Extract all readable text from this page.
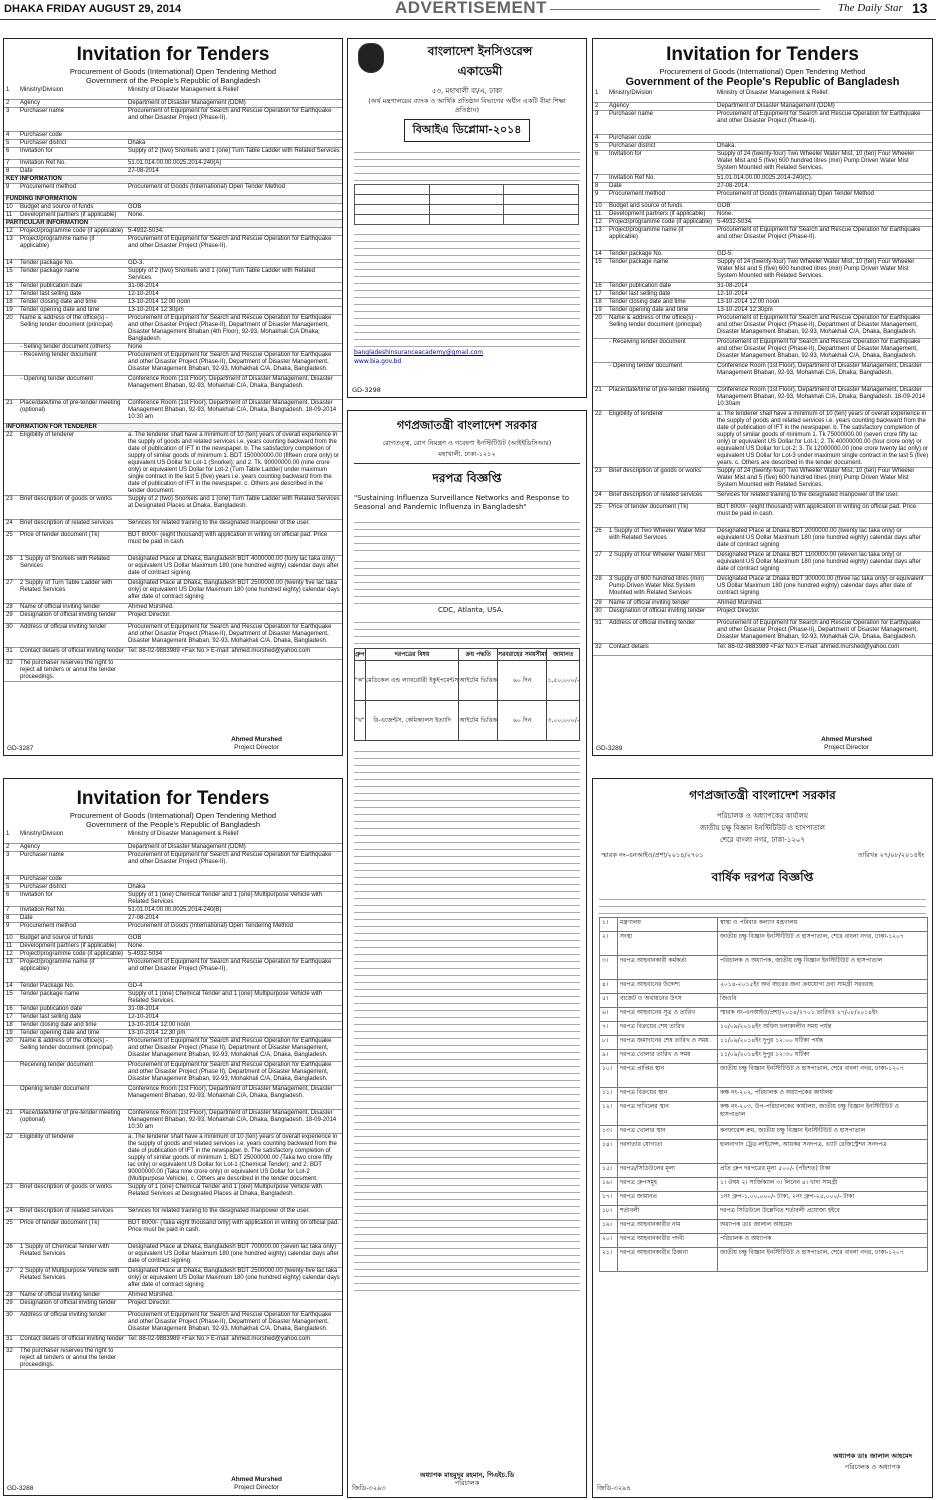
DHAKA FRIDAY AUGUST 29, 2014	ADVERTISEMENT	The Daily Star 13
Invitation for Tenders
Procurement of Goods (International) Open Tendering Method
Government of the People's Republic of Bangladesh
1	Ministry/Division	Ministry of Disaster Management & Relief
2	Agency	Department of Disaster Management (DDM)
3	Purchaser name	Procurement of Equipment for Search and Rescue Operation for Earthquake and other Disaster Project (Phase-II).
4	Purchaser code	
5	Purchaser district	Dhaka
6	Invitation for	Supply of 2 (two) Snorkels and 1 (one) Turn Table Ladder with Related Services
7	Invitation Ref No.	51.01.014.00.00.0025.2014-240(A)
8	Date	27-08-2014
KEY INFORMATION		
9	Procurement method	Procurement of Goods (International) Open Tender Method
FUNDING INFORMATION		
10	Budget and source of funds	GOB
11	Development partners (if applicable)	None.
PARTICULAR INFORMATION		
12	Project/programme code (if applicable)	5-4932-5034.
13	Project/programme name (if applicable)	Procurement of Equipment for Search and Rescue Operation for Earthquake and other Disaster Project (Phase-II).
14	Tender package No.	GD-3.
15	Tender package name	Supply of 2 (two) Snorkels and 1 (one) Turn Table Ladder with Related Services.
16	Tender publication date	31-08-2014
17	Tender last selling date	12-10-2014
18	Tender closing date and time	13-10-2014 12:00 noon
19	Tender opening date and time	13-10-2014 12:30pm
20	Name & address of the office(s) - Selling tender document (principal)	Procurement of Equipment for Search and Rescue Operation for Earthquake and other Disaster Project (Phase-II), Department of Disaster Management, Disaster Management Bhaban (4th Floor), 92-93, Mohakhali C/A Dhaka, Bangladesh.
	- Selling tender document (others)	None
	- Receiving tender document	Procurement of Equipment for Search and Rescue Operation for Earthquake and other Disaster Project (Phase-II), Department of Disaster Management, Disaster Management Bhaban, 92-93, Mohakhali C/A, Dhaka, Bangladesh.
	- Opening tender document	Conference Room (1st Floor), Department of Disaster Management, Disaster Management Bhaban, 92-93, Mohakhali C/A, Dhaka, Bangladesh.
21	Place/date/time of pre-tender meeting (optional)	Conference Room (1st Floor), Department of Disaster Management, Disaster Management Bhaban, 92-93, Mohakhali C/A, Dhaka, Bangladesh. 18-09-2014 10:30 am
INFORMATION FOR TENDERER		
22	Eligibility of tenderer	a. The tenderer shall have a minimum of 10 (ten) years of overall experience in the supply of goods and related services i.e. years counting backward from the date of publication of IFT in the newspaper. b. The satisfactory completion of supply of similar goods of minimum 1. BDT 150000000.00 (fifteen crore only) or equivalent US Dollar for Lot-1 (Snorkel); and 2. Tk. 90000000.00 (nine crore only) or equivalent US Dollar for Lot-2 (Turn Table Ladder) under maximum single contract in the last 5 (five) years i.e. years counting backward from the date of publication of IFT in the newspaper. c. Others are described in the tender document.
23	Brief description of goods or works	Supply of 2 (two) Snorkels and 1 (one) Turn Table Ladder with Related Services at Designated Places at Dhaka, Bangladesh.
24	Brief description of related services	Services for related training to the designated manpower of the user.
25	Price of tender document (Tk)	BDT 8000/- (eight thousand) with application in writing on official pad. Price must be paid in cash.
26	1 Supply of Snorkels with Related Services	Designated Place at Dhaka, Bangladesh BDT 4000000.00 (forty lac taka only) or equivalent US Dollar Maximum 180 (one hundred eighty) calendar days after date of contract signing
27	2 Supply of Turn Table Ladder with Related Services	Designated Place at Dhaka, Bangladesh BDT 2500000.00 (twenty five lac taka only) or equivalent US Dollar Maximum 180 (one hundred eighty) calendar days after date of contract signing
28	Name of official inviting tender	Ahmed Murshed.
29	Designation of official inviting tender	Project Director.
30	Address of official inviting tender	Procurement of Equipment for Search and Rescue Operation for Earthquake and other Disaster Project (Phase-II), Department of Disaster Management, Disaster Management Bhaban, 92-93, Mohakhali C/A, Dhaka, Bangladesh.
31	Contact details of official inviting tender	Tel: 88-02-9883989 <Fax No.> E-mail: ahmed.murshed@yahoo.com
32	The purchaser reserves the right to reject all tenders or annul the tender proceedings.	
GD-3287
Ahmed Murshed
Project Director
Invitation for Tenders
Procurement of Goods (International) Open Tendering Method
Government of the People's Republic of Bangladesh
1	Ministry/Division	Ministry of Disaster Management & Relief
2	Agency	Department of Disaster Management (DDM)
3	Purchaser name	Procurement of Equipment for Search and Rescue Operation for Earthquake and other Disaster Project (Phase-II).
4	Purchaser code	
5	Purchaser district	Dhaka
6	Invitation for	Supply of 1 (one) Chemical Tender and 1 (one) Multipurpose Vehicle with Related Services
7	Invitation Ref No.	51.01.014.00.00.0025.2014-240(B)
8	Date	27-08-2014
9	Procurement method	Procurement of Goods (International) Open Tendering Method
10	Budget and source of funds	GOB
11	Development partners (if applicable)	None.
12	Project/programme code (if applicable)	5-4932-5034
13	Project/programme name (if applicable)	Procurement of Equipment for Search and Rescue Operation for Earthquake and other Disaster Project (Phase-II).
14	Tender Package No.	GD-4
15	Tender package name	Supply of 1 (one) Chemical Tender and 1 (one) Multipurpose Vehicle with Related Services.
16	Tender publication date	31-08-2014
17	Tender last selling date	12-10-2014
18	Tender closing date and time	13-10-2014 12:00 noon
19	Tender opening date and time	13-10-2014 12:30 pm
20	Name & address of the office(s) -Selling tender document (principal)	Procurement of Equipment for Search and Rescue Operation for Earthquake and other Disaster Project (Phase II), Department of Disaster Management, Disaster Management Bhaban, 92-93, Mohakhali C/A, Dhaka, Bangladesh.
	Receiving tender document	Procurement of Equipment for Search and Rescue Operation for Earthquake and other Disaster Project (Phase II), Department of Disaster Management, Disaster Management Bhaban, 92-93, Mohakhali C/A, Dhaka, Bangladesh.
	Opening tender document	Conference Room (1st Floor), Department of Disaster Management, Disaster Management Bhaban, 92-93, Mohakhali C/A, Dhaka, Bangladesh.
21	Place/date/time of pre-tender meeting (optional)	Conference Room (1st Floor), Department of Disaster Management, Disaster Management Bhaban, 92-93, Mohakhali C/A, Dhaka, Bangladesh. 18-09-2014 10:30 am
22	Eligibility of tenderer	a. The tenderer shall have a minimum of 10 (ten) years of overall experience in the supply of goods and related services i.e. years counting backward from the date of publication of IFT in the newspaper. b. The satisfactory completion of supply of similar goods of minimum 1. BDT 25000000.00 (Taka two crore fifty lac only) or equivalent US Dollar for Lot-1 (Chemical Tender); and 2. BDT 90000000.00 (Taka nine crore only) or equivalent US Dollar for Lot-2 (Multipurpose Vehicle). c. Others are described in the tender document.
23	Brief description of goods or works	Supply of 1 (one) Chemical Tender and 1 (one) Multipurpose Vehicle with Related Services at Designated Places at Dhaka, Bangladesh.
24	Brief description of related services	Services for related training to the designated manpower of the user.
25	Price of tender document (Tk)	BDT 8000/- (Taka eight thousand only) with application in writing on official pad. Price must be paid in cash.
26	1 Supply of Chemical Tender with Related Services	Designated Place at Dhaka, Bangladesh BDT 700000.00 (seven lac taka only) or equivalent US Dollar Maximum 180 (one hundred eighty) calendar days after date of contract signing
27	2 Supply of Multipurpose Vehicle with Related Services	Designated Place at Dhaka, Bangladesh BDT 2500000.00 (twenty-five lac taka only) or equivalent US Dollar Maximum 180 (one hundred eighty) calendar days after date of contract signing
28	Name of official inviting tender	Ahmed Murshed.
29	Designation of official inviting tender	Project Director.
30	Address of official inviting tender	Procurement of Equipment for Search and Rescue Operation for Earthquake and other Disaster Project (Phase-II), Department of Disaster Management, Disaster Management Bhaban, 92-93, Mohakhali C/A, Dhaka, Bangladesh.
31	Contact details of official inviting tender	Tel: 88-02-9883989 <Fax No.> E-mail: ahmed.murshed@yahoo.com
32	The purchaser reserves the right to reject all tenders or annul the tender proceedings.	
GD-3288
Ahmed Murshed
Project Director
বাংলাদেশ ইনসিওরেন্স
একাডেমী
৫৩, মহাখালী বা/এ, ঢাকা
(অর্থ মন্ত্রণালয়ের ব্যাংক ও আর্থিক প্রতিষ্ঠান বিভাগের অধীন একটি বীমা শিক্ষা প্রতিষ্ঠান)
বিআইএ ডিপ্লোমা-২০১৪

bangladeshinsuranceacademy@gmail.com
www.bia.gov.bd
GD-3298
গণপ্রজাতন্ত্রী বাংলাদেশ সরকার
রোগতত্ত্ব, রোগ নিয়ন্ত্রণ ও গবেষণা ইনস্টিটিউট (আইইডিসিআর)
মহাখালী, ঢাকা-১২১২
দরপত্র বিজ্ঞপ্তি
"Sustaining Influenza Surveillance Networks and Response to Seasonal and Pandemic Influenza in Bangladesh"
CDC, Atlanta, USA.
গ্রুপ	দরপত্রের বিষয়	ক্রয় পদ্ধতি	সরবরাহের সময়সীমা	জামানত
"ক"	মেডিকেল এন্ড ল্যাবরেটরী ইকুইপমেন্টস	আইটেম ভিত্তিক	৬০ দিন	১,৫০,০০০/-
"খ"	রি-এজেন্টস, কেমিক্যালস ইত্যাদি	আইটেম ভিত্তিক	৬০ দিন	৩,০০,০০০/-
অধ্যাপক মাহমুদুর রহমান, পিএইচ.ডি
পরিচালক
জিডি-৩২৯৩
Invitation for Tenders
Procurement of Goods (International) Open Tendering Method
Government of the People's Republic of Bangladesh
1	Ministry/Division	Ministry of Disaster Management & Relief.
2	Agency	Department of Disaster Management (DDM)
3	Purchaser name	Procurement of Equipment for Search and Rescue Operation for Earthquake and other Disaster Project (Phase-II).
4	Purchaser code	
5	Purchaser district	Dhaka.
6	Invitation for	Supply of 24 (twenty-four) Two Wheeler Water Mist, 10 (ten) Four Wheeler Water Mist and 5 (five) 600 hundred litres (min) Pump Driven Water Mist System Mounted with Related Services.
7	Invitation Ref No.	51.01.014.00.00.0025.2014-240(C).
8	Date	27-08-2014.
9	Procurement method	Procurement of Goods (International) Open Tender Method
10	Budget and source of funds	GOB
11	Development partners (if applicable)	None.
12	Project/programme code (if applicable)	5-4932-5034.
13	Project/programme name (if applicable)	Procurement of Equipment for Search and Rescue Operation for Earthquake and other Disaster Project (Phase-II).
14	Tender package No.	GD-5.
15	Tender package name	Supply of 24 (twenty-four) Two Wheeler Water Mist, 10 (ten) Four Wheeler Water Mist and 5 (five) 600 hundred litres (min) Pump Driven Water Mist System Mounted with Related Services.
16	Tender publication date	31-08-2014
17	Tender last selling date	12-10-2014
18	Tender closing date and time	13-10-2014 12:00 noon
19	Tender opening date and time	13-10-2014 12:30pm
20	Name & address of the office(s) - Selling tender document (principal)	Procurement of Equipment for Search and Rescue Operation for Earthquake and other Disaster Project (Phase-II), Department of Disaster Management, Disaster Management Bhaban, 92-93, Mohakhali C/A, Dhaka, Bangladesh.
	- Receiving tender document	Procurement of Equipment for Search and Rescue Operation for Earthquake and other Disaster Project (Phase-II), Department of Disaster Management, Disaster Management Bhaban, 92-93, Mohakhali C/A, Dhaka, Bangladesh.
	- Opening tender document	Conference Room (1st Floor), Department of Disaster Management, Disaster Management Bhaban, 92-93, Mohakhali C/A, Dhaka, Bangladesh.
21	Place/date/time of pre-tender meeting	Conference Room (1st Floor), Department of Disaster Management, Disaster Management Bhaban, 92-93, Mohakhali C/A, Dhaka, Bangladesh. 18-09-2014 10:30am
22	Eligibility of tenderer	a. The tenderer shall have a minimum of 10 (ten) years of overall experience in the supply of goods and related services i.e. years counting backward from the date of publication of IFT in the newspaper. b. The satisfactory completion of supply of similar goods of minimum 1. Tk 75000000.00 (seven crore fifty lac only) or equivalent US Dollar for Lot-1; 2. Tk 40000000.00 (four crore only) or equivalent US Dollar for Lot-2; 3. Tk 12000000.00 (one crore twenty lac only) or equivalent US Dollar for Lot-3 under maximum single contract in the last 5 (five) years. c. Others are described in the tender document.
23	Brief description of goods or works	Supply of 24 (twenty-four) Two Wheeler Water Mist, 10 (ten) Four Wheeler Water Mist and 5 (five) 600 hundred litres (min) Pump Driven Water Mist System Mounted with Related Services.
24	Brief description of related services	Services for related training to the designated manpower of the user.
25	Price of tender document (Tk)	BDT 8000/- (eight thousand) with application in writing on official pad. Price must be paid in cash.
26	1 Supply of Two Wheeler Water Mist with Related Services	Designated Place at Dhaka BDT 2000000.00 (twenty lac taka only) or equivalent US Dollar Maximum 180 (one hundred eighty) calendar days after date of contract signing
27	2 Supply of four Wheeler Water Mist	Designated Place at Dhaka BDT 1100000.00 (eleven lac taka only) or equivalent US Dollar Maximum 180 (one hundred eighty) calendar days after date of contract signing
28	3 Supply of 600 hundred litres (min) Pump Driven Water Mist System Mounted with Related Services	Designated Place at Dhaka BDT 300000.00 (three lac taka only) or equivalent US Dollar Maximum 180 (one hundred eighty) calendar days after date of contract signing
29	Name of official inviting tender	Ahmed Murshed.
30	Designation of official inviting tender	Project Director.
31	Address of official inviting tender	Procurement of Equipment for Search and Rescue Operation for Earthquake and other Disaster Project (Phase-II), Department of Disaster Management, Disaster Management Bhaban, 92-93, Mohakhali C/A, Dhaka, Bangladesh.
32	Contact details	Tel: 88-02-9883989 <Fax No.> E-mail: ahmed.murshed@yahoo.com
GD-3289
Ahmed Murshed
Project Director
গণপ্রজাতন্ত্রী বাংলাদেশ সরকার
পরিচালক ও অধ্যাপকের কার্যালয়
জাতীয় চক্ষু বিজ্ঞান ইনস্টিটিউট ও হাসপাতাল
শেরে বাংলা নগর, ঢাকা-১২০৭
স্মারক নং-এনআইও/প্রশা/২০১৪/২৭০১	তারিখঃ ২৭/০৮/২০১৪ইং
বার্ষিক দরপত্র বিজ্ঞপ্তি
১।	মন্ত্রণালয়	স্বাস্থ্য ও পরিবার কল্যাণ মন্ত্রণালয়
২।	সংস্থা	জাতীয় চক্ষু বিজ্ঞান ইনস্টিটিউট ও হাসপাতাল, শেরে বাংলা নগর, ঢাকা-১২০৭
৩।	দরপত্র আহবানকারী কর্মকর্তা	পরিচালক ও অধ্যাপক, জাতীয় চক্ষু বিজ্ঞান ইনস্টিটিউট ও হাসপাতাল
৪।	দরপত্র আহবানের উদ্দেশ্য	২০১৪-২০১৫ইং অর্থ বছরের জন্য ক্রয়যোগ্য দ্রব্য সামগ্রী সরবরাহ
৫।	বাজেট ও অর্থায়নের উৎস	জিওবি
৬।	দরপত্র আহবানের সূত্র ও তারিখ	স্মারক নং-এনআইও/প্রশা/২০১৪/২৭০১ তারিখঃ ২৭/০৮/২০১৪ইং
৭।	দরপত্র বিক্রয়ের শেষ তারিখ	১০/০৯/২০১৪ইং অফিস চলাকালীন সময় পর্যন্ত
৮।	দরপত্র জমাদানের শেষ তারিখ ও সময়	১১/০৯/২০১৪ইং দুপুর ১২:০০ ঘটিকা পর্যন্ত
৯।	দরপত্র খোলার তারিখ ও সময়	১১/০৯/২০১৪ইং দুপুর ১২:৩০ ঘটিকা
১০।	দরপত্র প্রাপ্তির স্থান	জাতীয় চক্ষু বিজ্ঞান ইনস্টিটিউট ও হাসপাতাল, শেরে বাংলা নগর, ঢাকা-১২০৭
১১।	দরপত্র বিক্রয়ের স্থান	কক্ষ নং-২০২, পরিচালক ও অধ্যাপকের কার্যালয়
১২।	দরপত্র দাখিলের স্থান	কক্ষ নং-২০৩, উপ-পরিচালকের কার্যালয়, জাতীয় চক্ষু বিজ্ঞান ইনস্টিটিউট ও হাসপাতাল
১৩।	দরপত্র খোলার স্থান	কনফারেন্স রুম, জাতীয় চক্ষু বিজ্ঞান ইনস্টিটিউট ও হাসপাতাল
১৪।	দরদাতার যোগ্যতা	হালনাগাদ ট্রেড লাইসেন্স, আয়কর সনদপত্র, ভ্যাট রেজিস্ট্রেশন সনদপত্র
১৫।	দরপত্র/সিডিউলের মূল্য	প্রতি গ্রুপ দরপত্রের মূল্য ৫০০/- (পাঁচশত) টাকা
১৬।	দরপত্র গ্রুপসমূহ	১। ঔষধ ২। সার্জিক্যাল ৩। লিনেন ৪। খাদ্য সামগ্রী
১৭।	দরপত্র জামানত	১নং গ্রুপ-১,০০,০০০/- টাকা, ২নং গ্রুপ-২৫,০০০/- টাকা
১৮।	শর্তাবলী	দরপত্র সিডিউলে উল্লেখিত শর্তাবলী প্রযোজ্য হইবে
১৯।	দরপত্র আহবানকারীর নাম	অধ্যাপক ডাঃ জালাল আহমেদ
২০।	দরপত্র আহবানকারীর পদবী	পরিচালক ও অধ্যাপক
২১।	দরপত্র আহবানকারীর ঠিকানা	জাতীয় চক্ষু বিজ্ঞান ইনস্টিটিউট ও হাসপাতাল, শেরে বাংলা নগর, ঢাকা-১২০৭
অধ্যাপক ডাঃ জালাল আহমেদ
পরিচালক ও অধ্যাপক
জিডি-৩২৯৪
